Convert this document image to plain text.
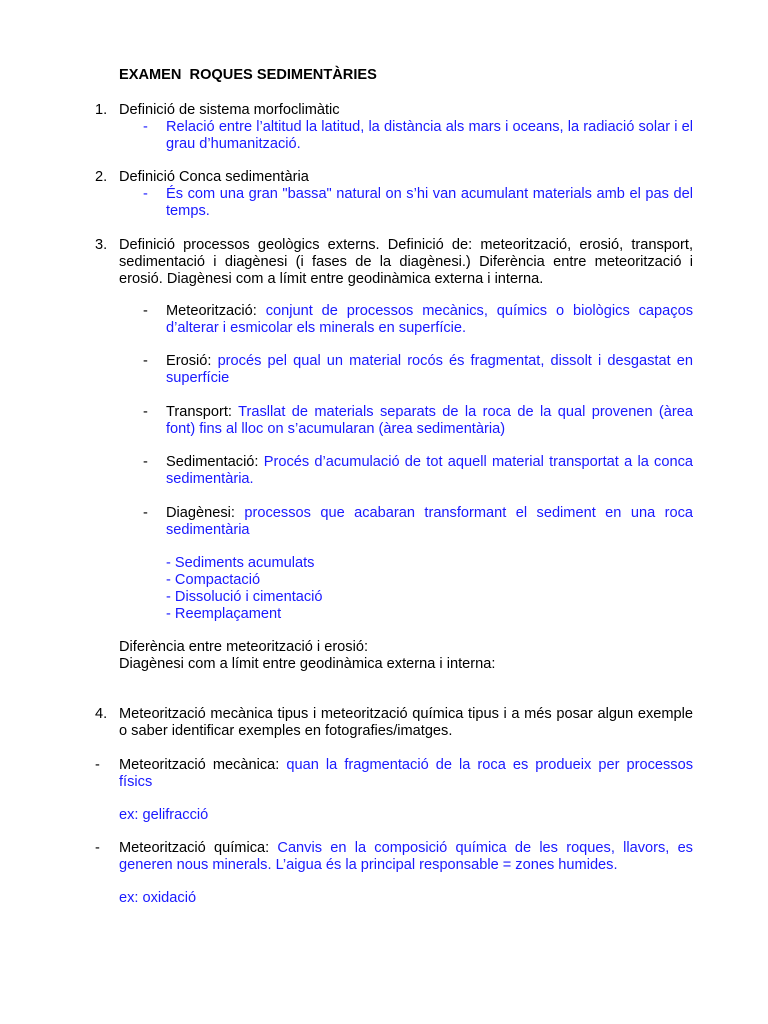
EXAMEN  ROQUES SEDIMENTÀRIES
1. Definició de sistema morfoclimàtic
- Relació entre l’altitud la latitud, la distància als mars i oceans, la radiació solar i el grau d’humanització.
2. Definició Conca sedimentària
- És com una gran "bassa" natural on s’hi van acumulant materials amb el pas del temps.
3. Definició processos geològics externs. Definició de: meteorització, erosió, transport, sedimentació i diagènesi (i fases de la diagènesi.) Diferència entre meteorització i erosió. Diagènesi com a límit entre geodinàmica externa i interna.
- Meteorització: conjunt de processos mecànics, químics o biològics capaços d’alterar i esmicolar els minerals en superfície.
- Erosió: procés pel qual un material rocós és fragmentat, dissolt i desgastat en superfície
- Transport: Trasllat de materials separats de la roca de la qual provenen (àrea font) fins al lloc on s’acumularan (àrea sedimentària)
- Sedimentació: Procés d’acumulació de tot aquell material transportat a la conca sedimentària.
- Diagènesi: processos que acabaran transformant el sediment en una roca sedimentària
- Sediments acumulats
- Compactació
- Dissolució i cimentació
- Reemplaçament
Diferència entre meteorització i erosió:
Diagènesi com a límit entre geodinàmica externa i interna:
4. Meteorització mecànica tipus i meteorització química tipus i a més posar algun exemple o saber identificar exemples en fotografies/imatges.
- Meteorització mecànica: quan la fragmentació de la roca es produeix per processos físics
ex: gelifracció
- Meteorització química: Canvis en la composició química de les roques, llavors, es generen nous minerals. L’aigua és la principal responsable = zones humides.
ex: oxidació
